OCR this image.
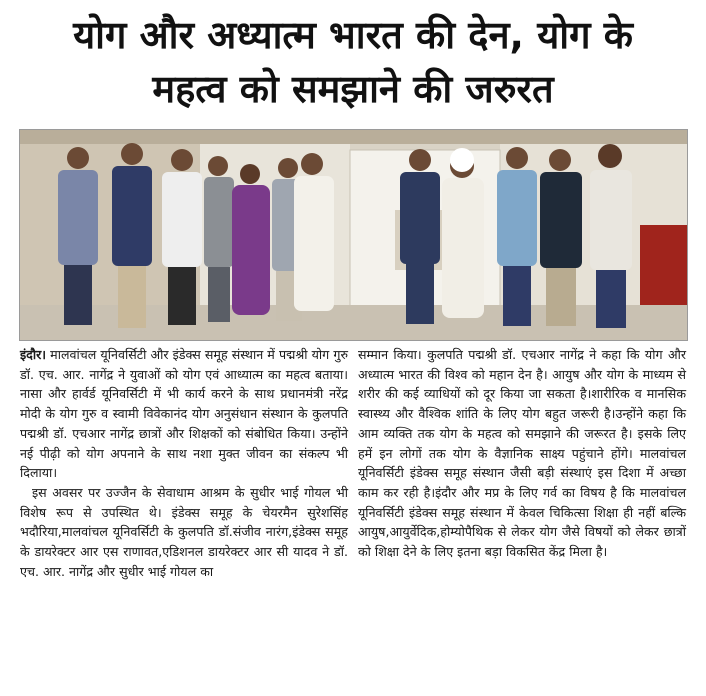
योग और अध्यात्म भारत की देन, योग के
महत्व को समझाने की जरुरत

इंदौर। मालवांचल यूनिवर्सिटी और इंडेक्स समूह संस्थान में पद्मश्री योग गुरु डॉ. एच. आर. नागेंद्र ने युवाओं को योग एवं आध्यात्म का महत्व बताया।नासा और हार्वर्ड यूनिवर्सिटी में भी कार्य करने के साथ प्रधानमंत्री नरेंद्र मोदी के योग गुरु व स्वामी विवेकानंद योग अनुसंधान संस्थान के कुलपति पद्मश्री डॉ. एचआर नागेंद्र छात्रों और शिक्षकों को संबोधित किया। उन्होंने नई पीढ़ी को योग अपनाने के साथ नशा मुक्त जीवन का संकल्प भी दिलाया।

इस अवसर पर उज्जैन के सेवाधाम आश्रम के सुधीर भाई गोयल भी विशेष रूप से उपस्थित थे। इंडेक्स समूह के चेयरमैन सुरेशसिंह भदौरिया,मालवांचल यूनिवर्सिटी के कुलपति डॉ.संजीव नारंग,इंडेक्स समूह के डायरेक्टर आर एस राणावत,एडिशनल डायरेक्टर आर सी यादव ने डॉ. एच. आर. नागेंद्र और सुधीर भाई गोयल का

सम्मान किया। कुलपति पद्मश्री डॉ. एचआर नागेंद्र ने कहा कि योग और अध्यात्म भारत की विश्व को महान देन है। आयुष और योग के माध्यम से शरीर की कई व्याधियों को दूर किया जा सकता है।शारीरिक व मानसिक स्वास्थ्य और वैश्विक शांति के लिए योग बहुत जरूरी है।उन्होंने कहा कि आम व्यक्ति तक योग के महत्व को समझाने की जरूरत है। इसके लिए हमें इन लोगों तक योग के वैज्ञानिक साक्ष्य पहुंचाने होंगे। मालवांचल यूनिवर्सिटी इंडेक्स समूह संस्थान जैसी बड़ी संस्थाएं इस दिशा में अच्छा काम कर रही है।इंदौर और मप्र के लिए गर्व का विषय है कि मालवांचल यूनिवर्सिटी इंडेक्स समूह संस्थान में केवल चिकित्सा शिक्षा ही नहीं बल्कि आयुष,आयुर्वेदिक,होम्योपैथिक से लेकर योग जैसे विषयों को लेकर छात्रों को शिक्षा देने के लिए इतना बड़ा विकसित केंद्र मिला है।
